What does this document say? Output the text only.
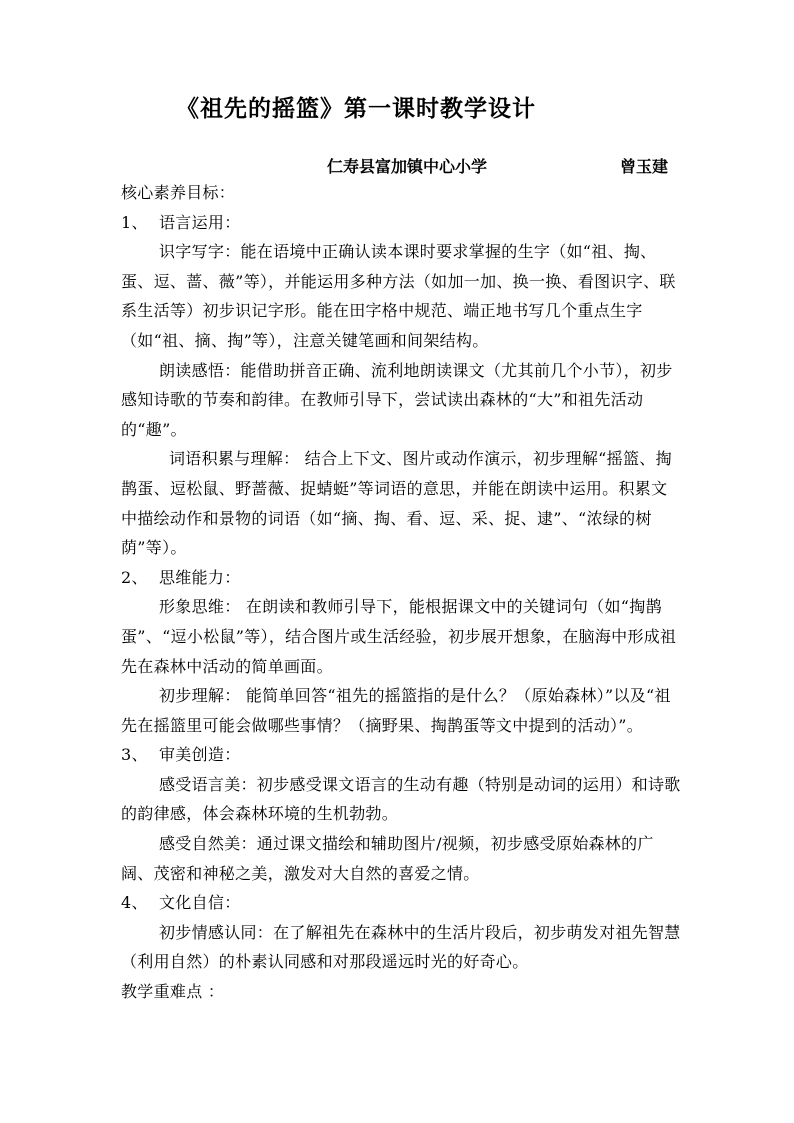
《祖先的摇篮》第一课时教学设计
仁寿县富加镇中心小学	曾玉建

核心素养目标：

1、 语言运用：

识字写字：能在语境中正确认读本课时要求掌握的生字（如“祖、掏、蛋、逗、蔷、薇”等），并能运用多种方法（如加一加、换一换、看图识字、联系生活等）初步识记字形。能在田字格中规范、端正地书写几个重点生字（如“祖、摘、掏”等），注意关键笔画和间架结构。

朗读感悟：能借助拼音正确、流利地朗读课文（尤其前几个小节），初步感知诗歌的节奏和韵律。在教师引导下，尝试读出森林的“大”和祖先活动的“趣”。

词语积累与理解： 结合上下文、图片或动作演示，初步理解“摇篮、掏鹊蛋、逗松鼠、野蔷薇、捉蜻蜓”等词语的意思，并能在朗读中运用。积累文中描绘动作和景物的词语（如“摘、掏、看、逗、采、捉、逮”、“浓绿的树荫”等）。

2、 思维能力：

形象思维： 在朗读和教师引导下，能根据课文中的关键词句（如“掏鹊蛋”、“逗小松鼠”等），结合图片或生活经验，初步展开想象，在脑海中形成祖先在森林中活动的简单画面。

初步理解： 能简单回答“祖先的摇篮指的是什么？（原始森林）”以及“祖先在摇篮里可能会做哪些事情？（摘野果、掏鹊蛋等文中提到的活动）”。

3、 审美创造：

感受语言美：初步感受课文语言的生动有趣（特别是动词的运用）和诗歌的韵律感，体会森林环境的生机勃勃。

感受自然美：通过课文描绘和辅助图片/视频，初步感受原始森林的广阔、茂密和神秘之美，激发对大自然的喜爱之情。

4、 文化自信：

初步情感认同：在了解祖先在森林中的生活片段后，初步萌发对祖先智慧（利用自然）的朴素认同感和对那段遥远时光的好奇心。

教学重难点 ：
